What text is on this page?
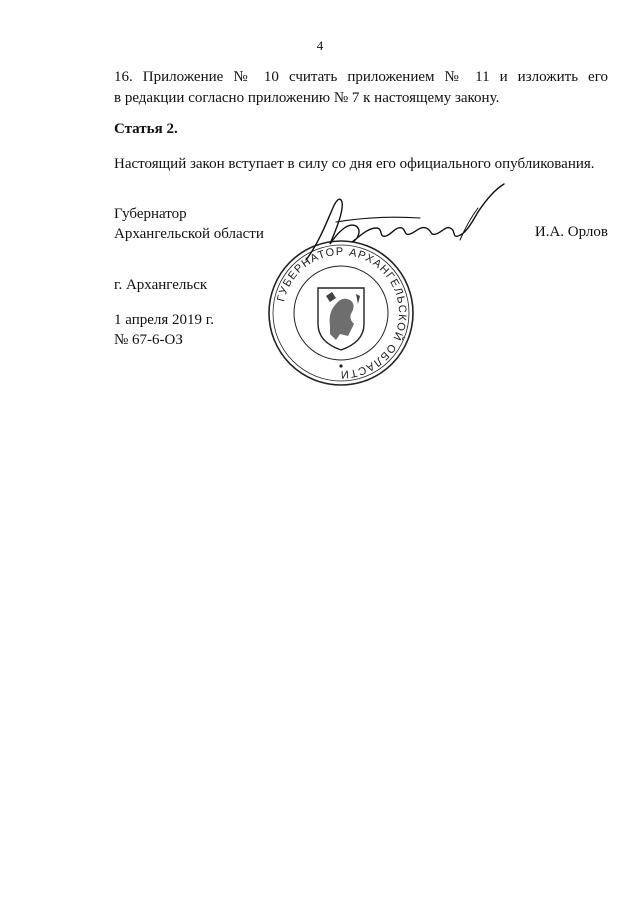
4
16. Приложение № 10 считать приложением № 11 и изложить его
в редакции согласно приложению № 7 к настоящему закону.
Статья 2.
Настоящий закон вступает в силу со дня его официального опубликования.
Губернатор
Архангельской области	И.А. Орлов
г. Архангельск
1 апреля 2019 г.
№ 67-6-ОЗ
ГУБЕРНАТОР АРХАНГЕЛЬСКОЙ ОБЛАСТИ
